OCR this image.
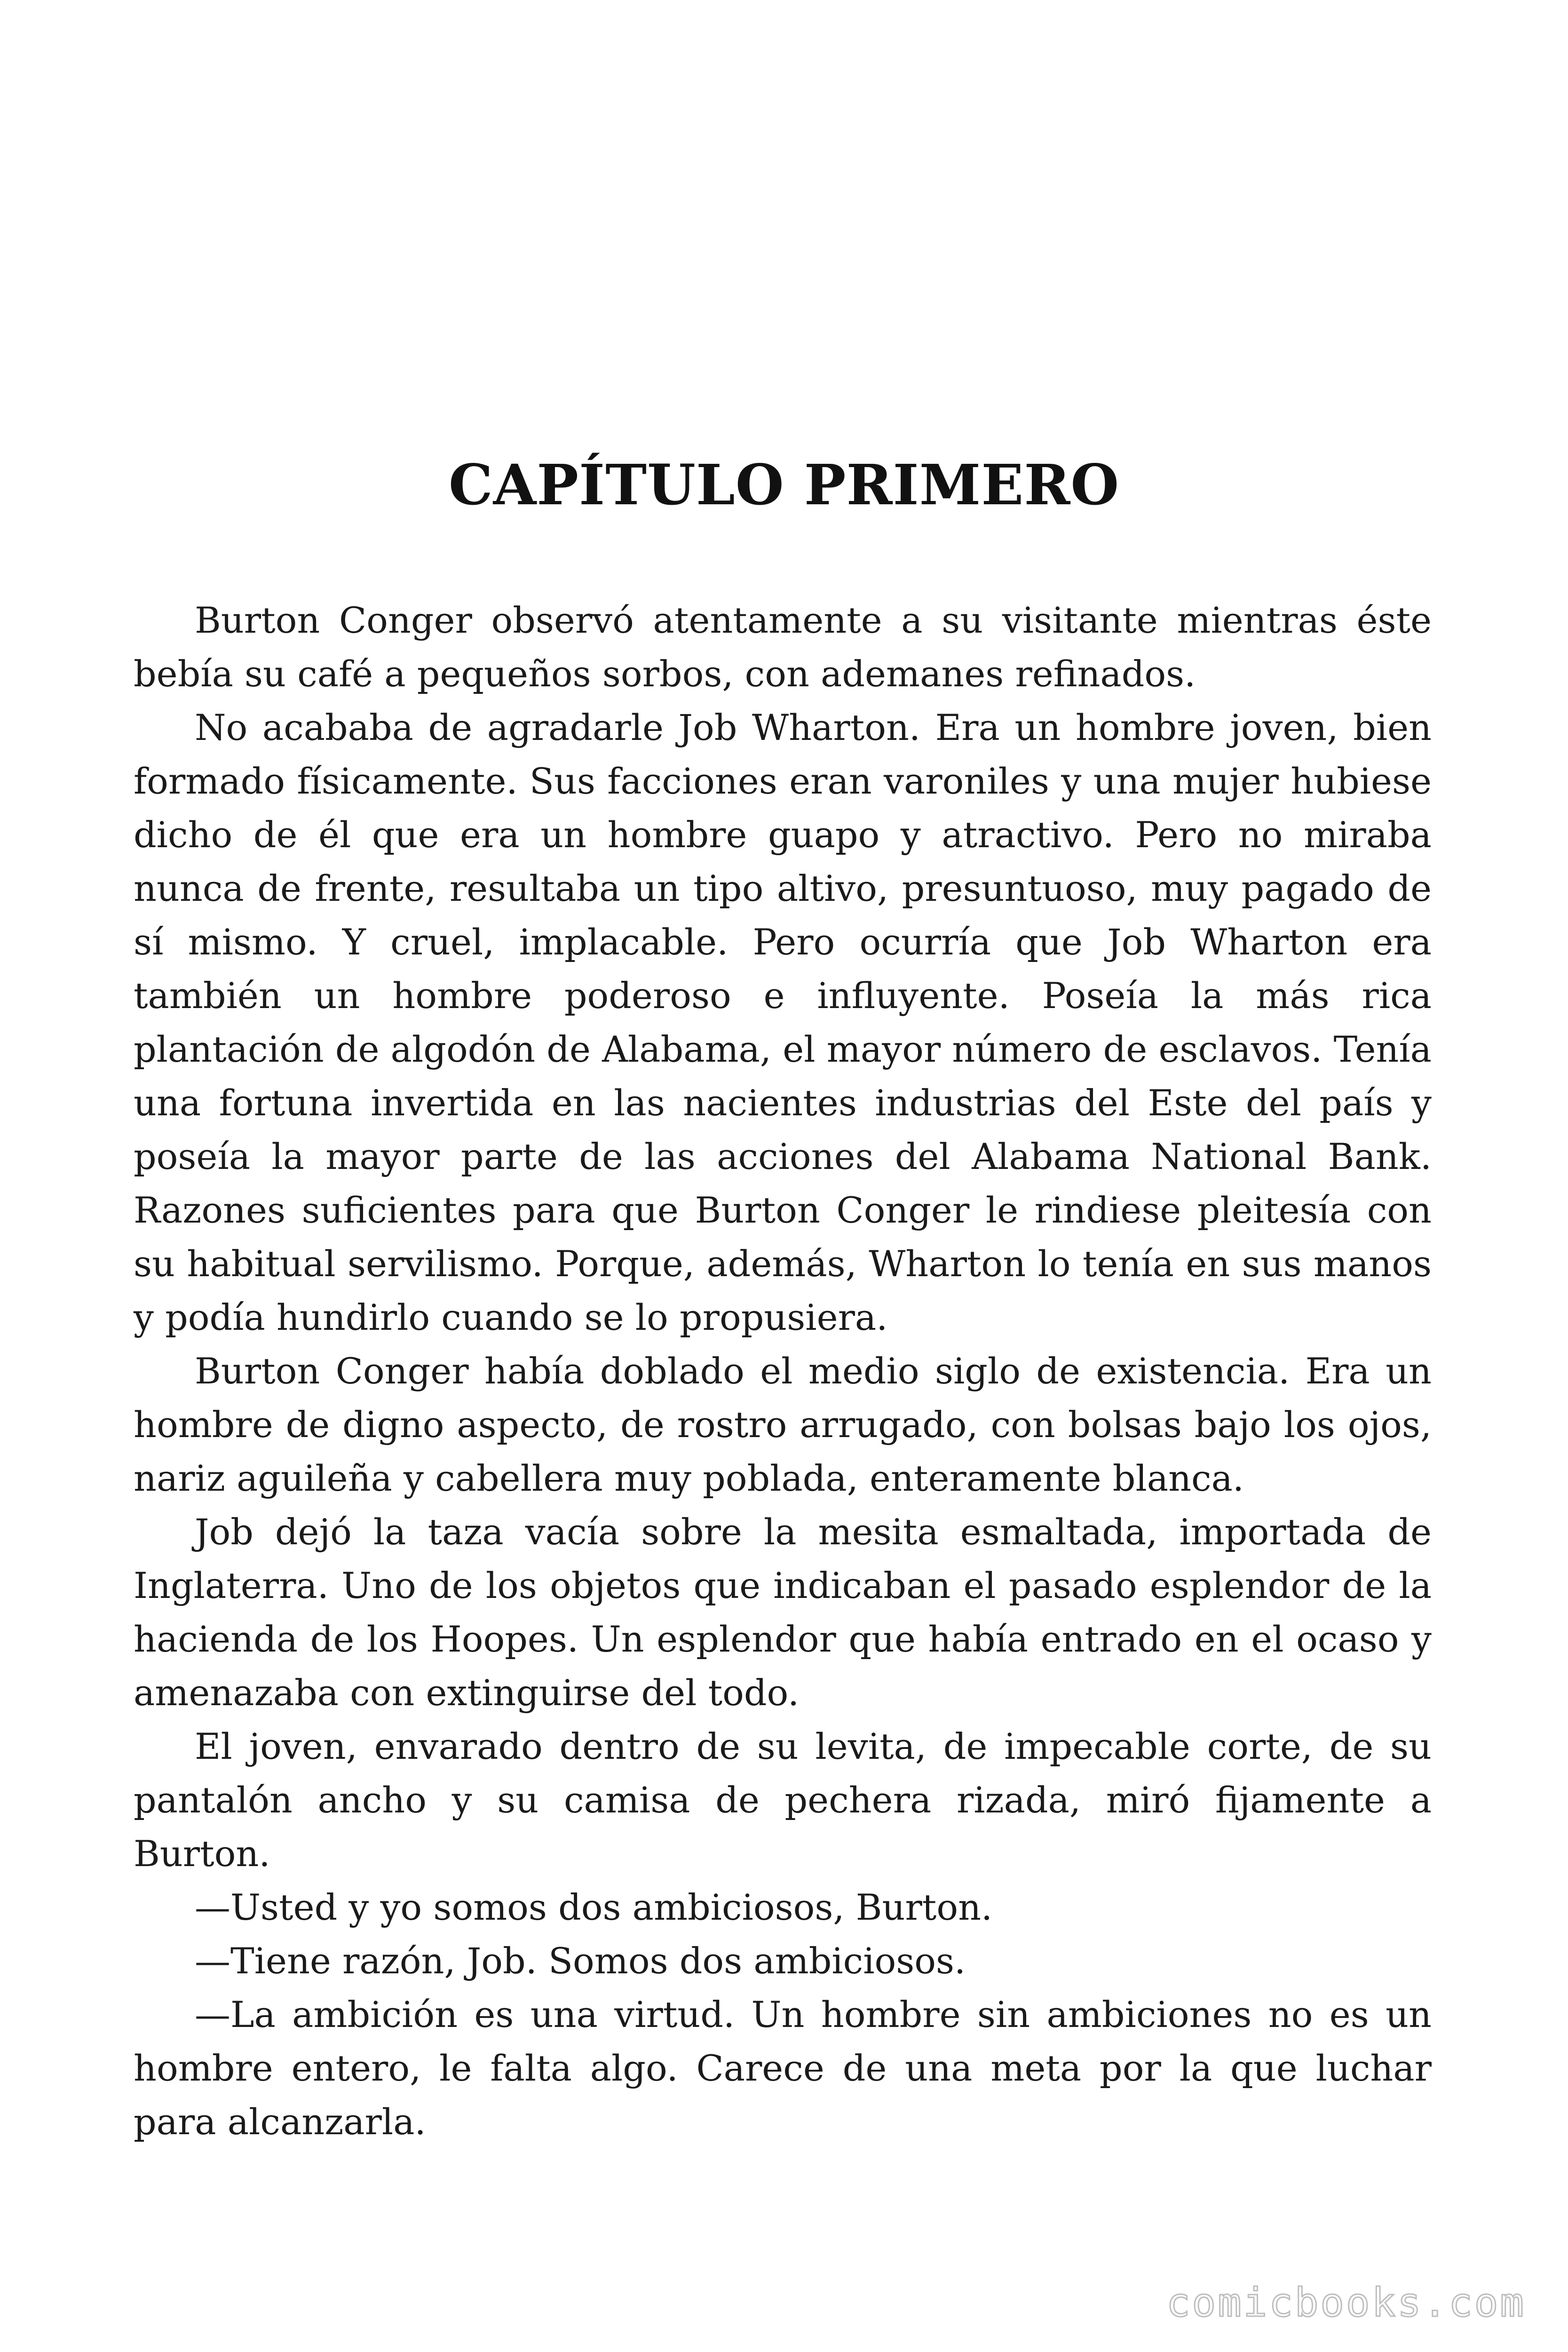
CAPÍTULO PRIMERO

Burton Conger observó atentamente a su visitante mientras éste bebía su café a pequeños sorbos, con ademanes refinados.

No acababa de agradarle Job Wharton. Era un hombre joven, bien formado físicamente. Sus facciones eran varoniles y una mujer hubiese dicho de él que era un hombre guapo y atractivo. Pero no miraba nunca de frente, resultaba un tipo altivo, presuntuoso, muy pagado de sí mismo. Y cruel, implacable. Pero ocurría que Job Wharton era también un hombre poderoso e influyente. Poseía la más rica plantación de algodón de Alabama, el mayor número de esclavos. Tenía una fortuna invertida en las nacientes industrias del Este del país y poseía la mayor parte de las acciones del Alabama National Bank. Razones suficientes para que Burton Conger le rindiese pleitesía con su habitual servilismo. Porque, además, Wharton lo tenía en sus manos y podía hundirlo cuando se lo propusiera.

Burton Conger había doblado el medio siglo de existencia. Era un hombre de digno aspecto, de rostro arrugado, con bolsas bajo los ojos, nariz aguileña y cabellera muy poblada, enteramente blanca.

Job dejó la taza vacía sobre la mesita esmaltada, importada de Inglaterra. Uno de los objetos que indicaban el pasado esplendor de la hacienda de los Hoopes. Un esplendor que había entrado en el ocaso y amenazaba con extinguirse del todo.

El joven, envarado dentro de su levita, de impecable corte, de su pantalón ancho y su camisa de pechera rizada, miró fijamente a Burton.

—Usted y yo somos dos ambiciosos, Burton.

—Tiene razón, Job. Somos dos ambiciosos.

—La ambición es una virtud. Un hombre sin ambiciones no es un hombre entero, le falta algo. Carece de una meta por la que luchar para alcanzarla.

comicbooks.com
